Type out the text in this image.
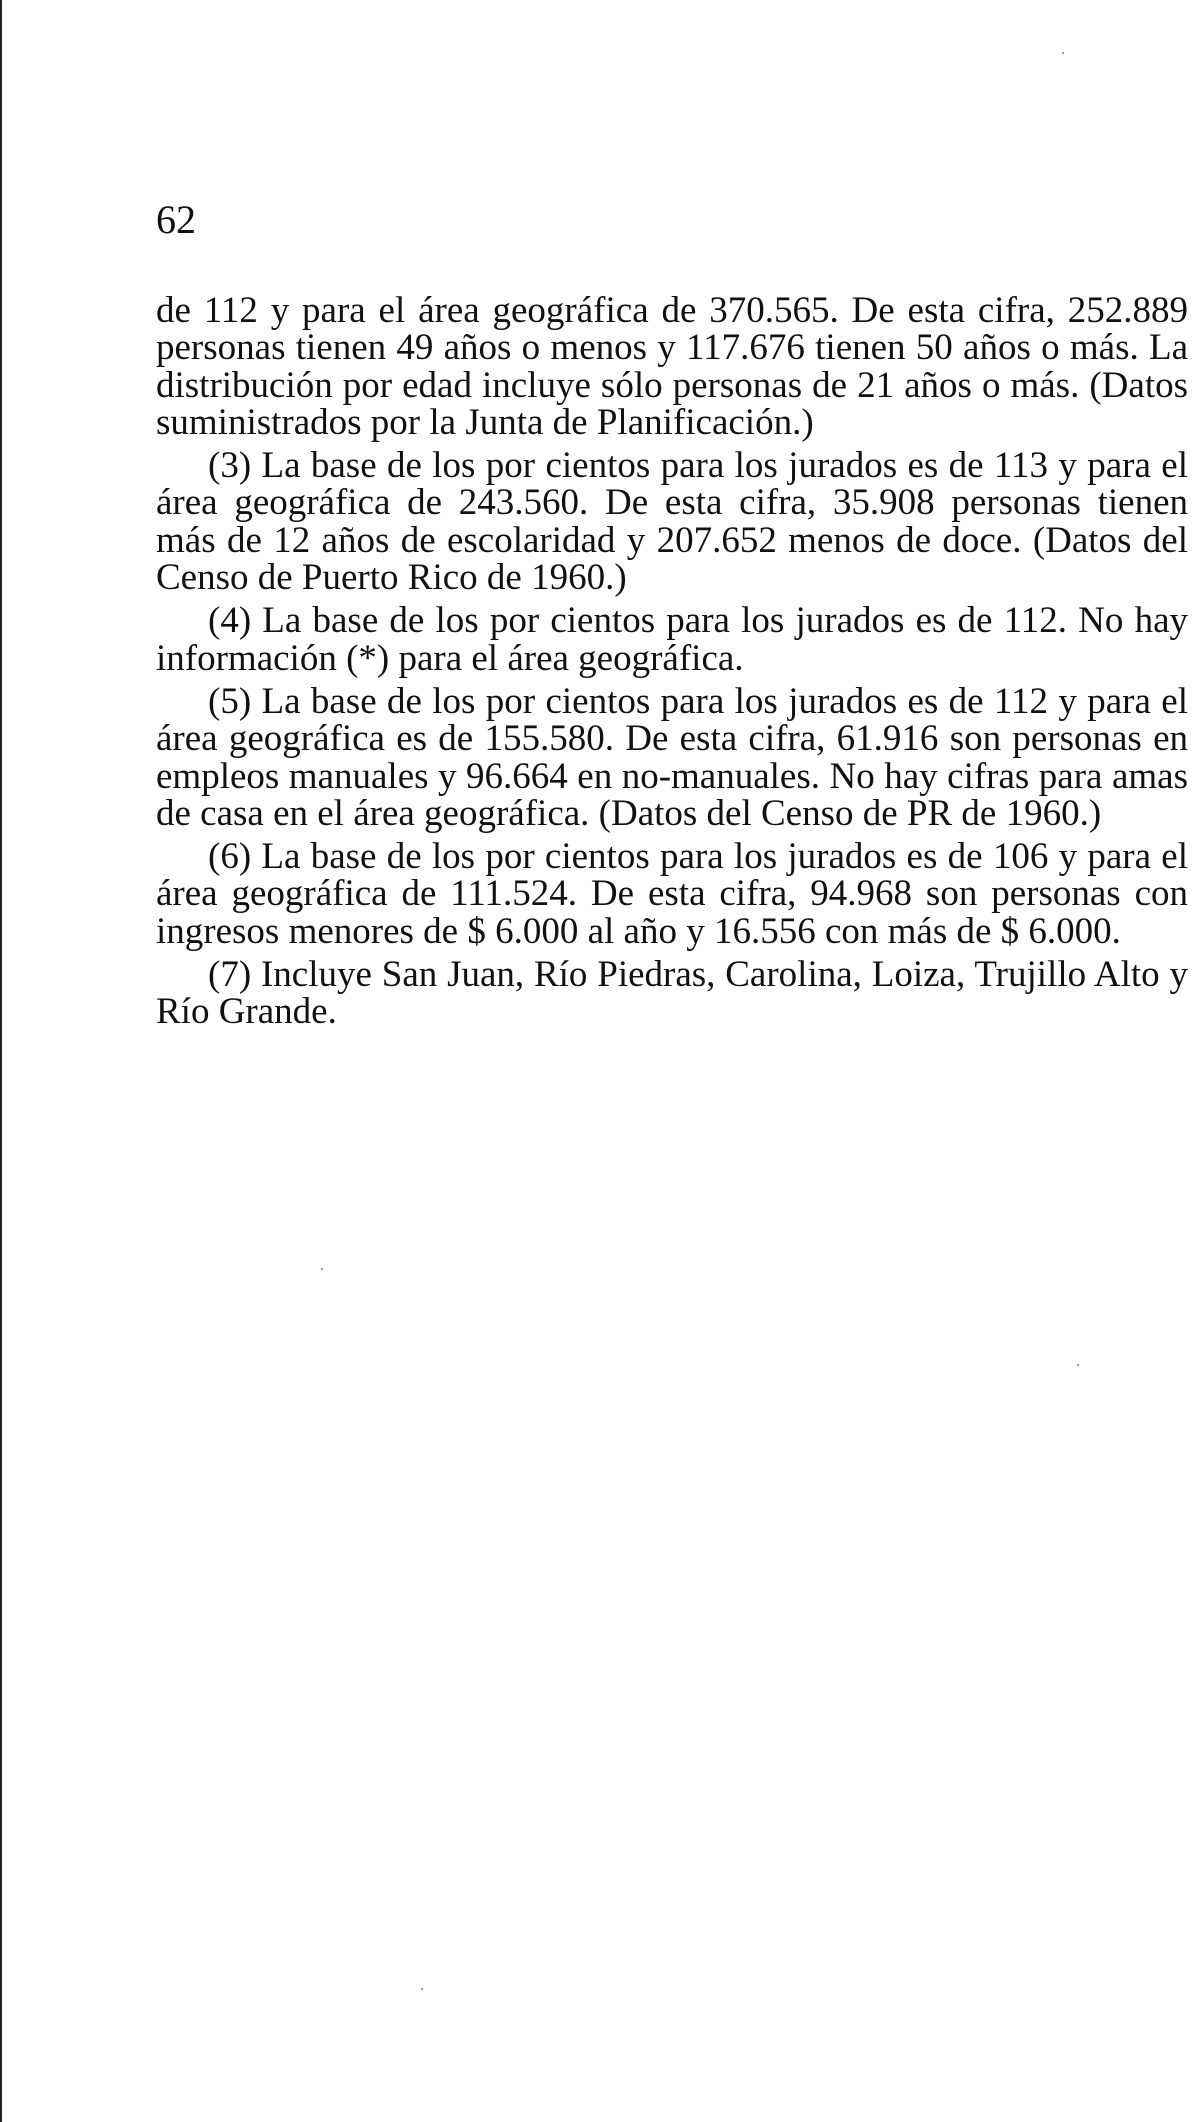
62

de 112 y para el área geográfica de 370.565. De esta cifra, 252.889 personas tienen 49 años o menos y 117.676 tienen 50 años o más. La distribución por edad incluye sólo personas de 21 años o más. (Datos suministrados por la Junta de Planificación.)

(3) La base de los por cientos para los jurados es de 113 y para el área geográfica de 243.560. De esta cifra, 35.908 personas tienen más de 12 años de escolaridad y 207.652 menos de doce. (Datos del Censo de Puerto Rico de 1960.)

(4) La base de los por cientos para los jurados es de 112. No hay información (*) para el área geográfica.

(5) La base de los por cientos para los jurados es de 112 y para el área geográfica es de 155.580. De esta cifra, 61.916 son personas en empleos manuales y 96.664 en no-manuales. No hay cifras para amas de casa en el área geográfica. (Datos del Censo de PR de 1960.)

(6) La base de los por cientos para los jurados es de 106 y para el área geográfica de 111.524. De esta cifra, 94.968 son personas con ingresos menores de $ 6.000 al año y 16.556 con más de $ 6.000.

(7) Incluye San Juan, Río Piedras, Carolina, Loiza, Trujillo Alto y Río Grande.
